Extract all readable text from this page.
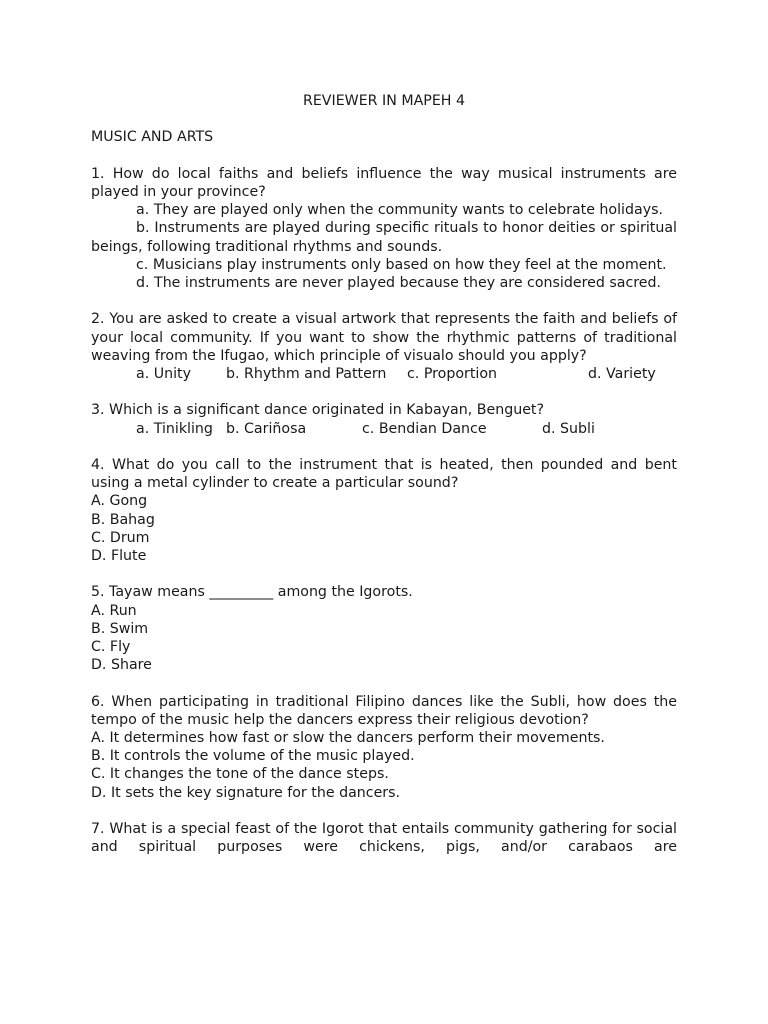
REVIEWER IN MAPEH 4

MUSIC AND ARTS

1. How do local faiths and beliefs influence the way musical instruments are played in your province?

a. They are played only when the community wants to celebrate holidays.

b. Instruments are played during specific rituals to honor deities or spiritual beings, following traditional rhythms and sounds.

c. Musicians play instruments only based on how they feel at the moment.

d. The instruments are never played because they are considered sacred.

2. You are asked to create a visual artwork that represents the faith and beliefs of your local community. If you want to show the rhythmic patterns of traditional weaving from the Ifugao, which principle of visualo should you apply?

a. Unity b. Rhythm and Pattern c. Proportion	d. Variety

3. Which is a significant dance originated in Kabayan, Benguet?

a. Tinikling b. Cariñosa	c. Bendian Dance	d. Subli

4. What do you call to the instrument that is heated, then pounded and bent using a metal cylinder to create a particular sound?

A. Gong

B. Bahag

C. Drum

D. Flute

5. Tayaw means _________ among the Igorots.

A. Run

B. Swim

C. Fly

D. Share

6. When participating in traditional Filipino dances like the Subli, how does the tempo of the music help the dancers express their religious devotion?

A. It determines how fast or slow the dancers perform their movements.

B. It controls the volume of the music played.

C. It changes the tone of the dance steps.

D. It sets the key signature for the dancers.

7. What is a special feast of the Igorot that entails community gathering for social and spiritual purposes were chickens, pigs, and/or carabaos are
